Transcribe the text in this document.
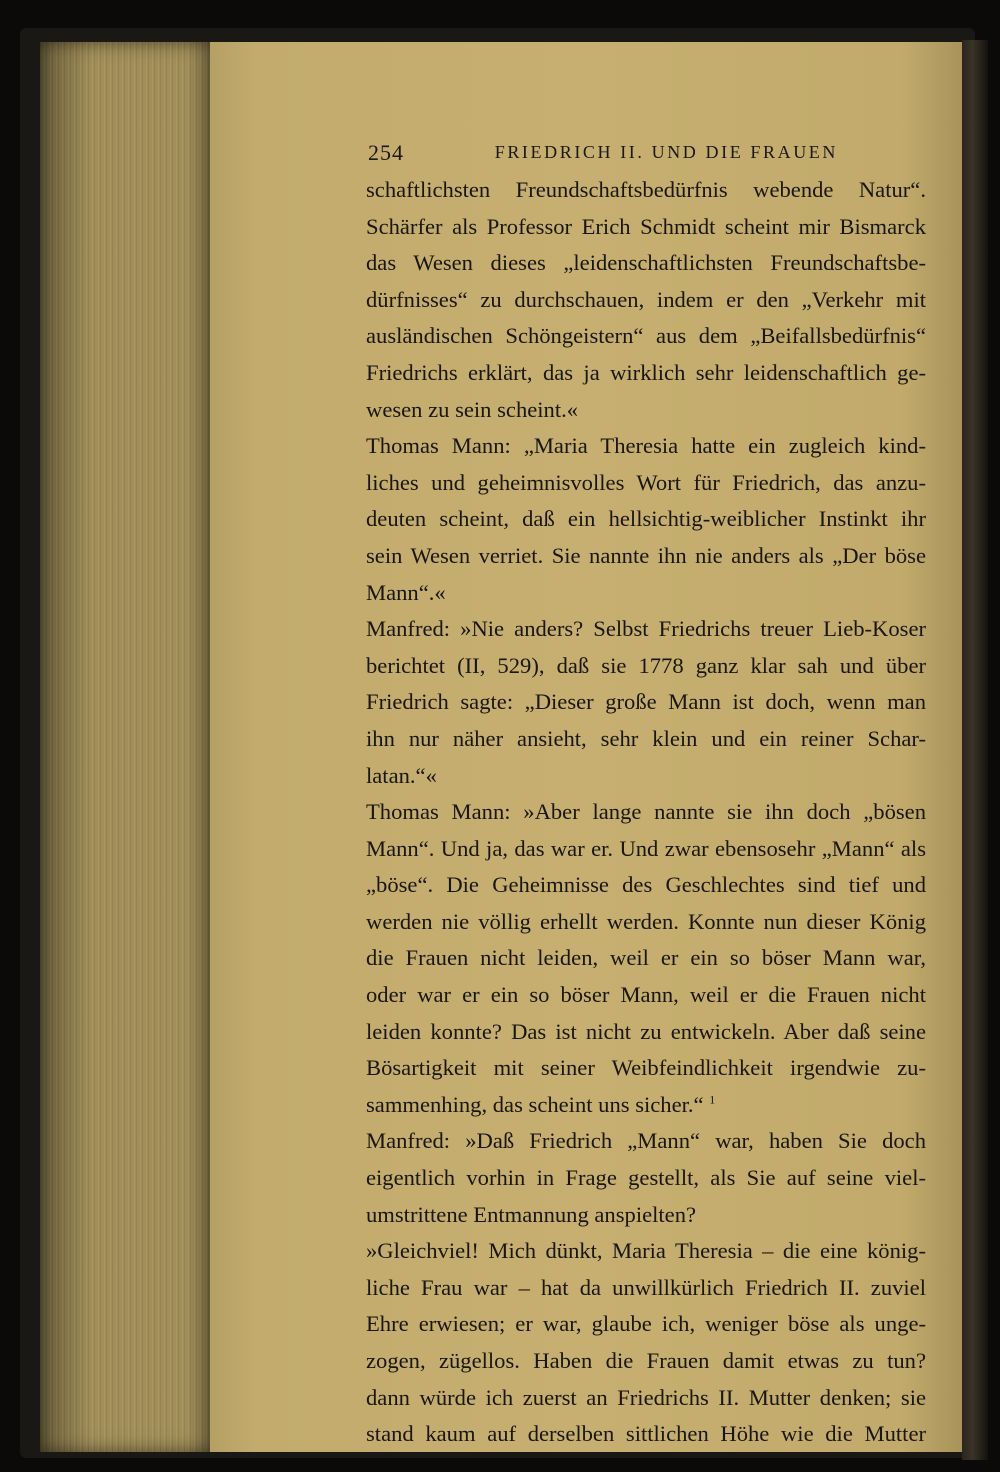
254	FRIEDRICH II. UND DIE FRAUEN
schaftlichsten Freundschaftsbedürfnis webende Natur“.
Schärfer als Professor Erich Schmidt scheint mir Bismarck
das Wesen dieses „leidenschaftlichsten Freundschaftsbe-
dürfnisses“ zu durchschauen, indem er den „Verkehr mit
ausländischen Schöngeistern“ aus dem „Beifallsbedürfnis“
Friedrichs erklärt, das ja wirklich sehr leidenschaftlich ge-
wesen zu sein scheint.«
Thomas Mann: „Maria Theresia hatte ein zugleich kind-
liches und geheimnisvolles Wort für Friedrich, das anzu-
deuten scheint, daß ein hellsichtig-weiblicher Instinkt ihr
sein Wesen verriet. Sie nannte ihn nie anders als „Der böse
Mann“.«
Manfred: »Nie anders? Selbst Friedrichs treuer Lieb-Koser
berichtet (II, 529), daß sie 1778 ganz klar sah und über
Friedrich sagte: „Dieser große Mann ist doch, wenn man
ihn nur näher ansieht, sehr klein und ein reiner Schar-
latan.“«
Thomas Mann: »Aber lange nannte sie ihn doch „bösen
Mann“. Und ja, das war er. Und zwar ebensosehr „Mann“ als
„böse“. Die Geheimnisse des Geschlechtes sind tief und
werden nie völlig erhellt werden. Konnte nun dieser König
die Frauen nicht leiden, weil er ein so böser Mann war,
oder war er ein so böser Mann, weil er die Frauen nicht
leiden konnte? Das ist nicht zu entwickeln. Aber daß seine
Bösartigkeit mit seiner Weibfeindlichkeit irgendwie zu-
sammenhing, das scheint uns sicher.“ $^1$
Manfred: »Daß Friedrich „Mann“ war, haben Sie doch
eigentlich vorhin in Frage gestellt, als Sie auf seine viel-
umstrittene Entmannung anspielten?
»Gleichviel! Mich dünkt, Maria Theresia – die eine könig-
liche Frau war – hat da unwillkürlich Friedrich II. zuviel
Ehre erwiesen; er war, glaube ich, weniger böse als unge-
zogen, zügellos. Haben die Frauen damit etwas zu tun?
dann würde ich zuerst an Friedrichs II. Mutter denken; sie
stand kaum auf derselben sittlichen Höhe wie die Mutter
